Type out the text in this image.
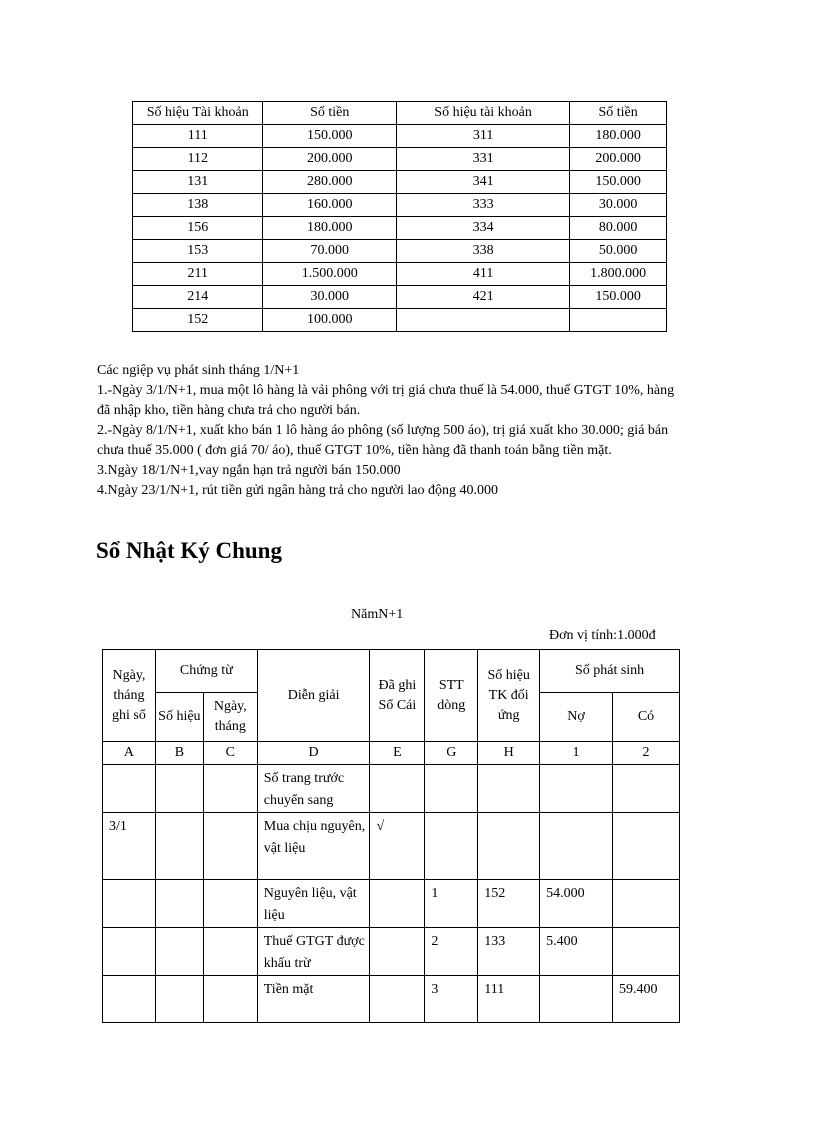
Số hiệu Tài khoản	Số tiền	Số hiệu tài khoản	Số tiền
111	150.000	311	180.000
112	200.000	331	200.000
131	280.000	341	150.000
138	160.000	333	30.000
156	180.000	334	80.000
153	70.000	338	50.000
211	1.500.000	411	1.800.000
214	30.000	421	150.000
152	100.000		

Các ngiệp vụ phát sinh tháng 1/N+1

1.-Ngày 3/1/N+1, mua một lô hàng là vải phông với trị giá chưa thuế là 54.000, thuế GTGT 10%, hàng đã nhập kho, tiền hàng chưa trả cho người bán.
2.-Ngày 8/1/N+1, xuất kho bán 1 lô hàng áo phông (số lượng 500 áo), trị giá xuất kho 30.000; giá bán chưa thuế 35.000 ( đơn giá 70/ áo), thuế GTGT 10%, tiền hàng đã thanh toán bằng tiền mặt.
3.Ngày 18/1/N+1,vay ngắn hạn trả người bán 150.000
4.Ngày 23/1/N+1, rút tiền gửi ngân hàng trả cho người lao động 40.000
Sổ Nhật Ký Chung
NămN+1
Đơn vị tính:1.000đ
Ngày, tháng ghi sổ	Chứng từ		Diễn giải	Đã ghi Sổ Cái	STT dòng	Số hiệu TK đối ứng	Số phát sinh	
	Số hiệu	Ngày, tháng					Nợ	Có
A	B	C	D	E	G	H	1	2
			Số trang trước chuyển sang					
3/1			Mua chịu nguyên, vật liệu	√				
			Nguyên liệu, vật liệu		1	152	54.000	
			Thuế GTGT được khấu trừ		2	133	5.400	
			Tiền mặt		3	111		59.400
